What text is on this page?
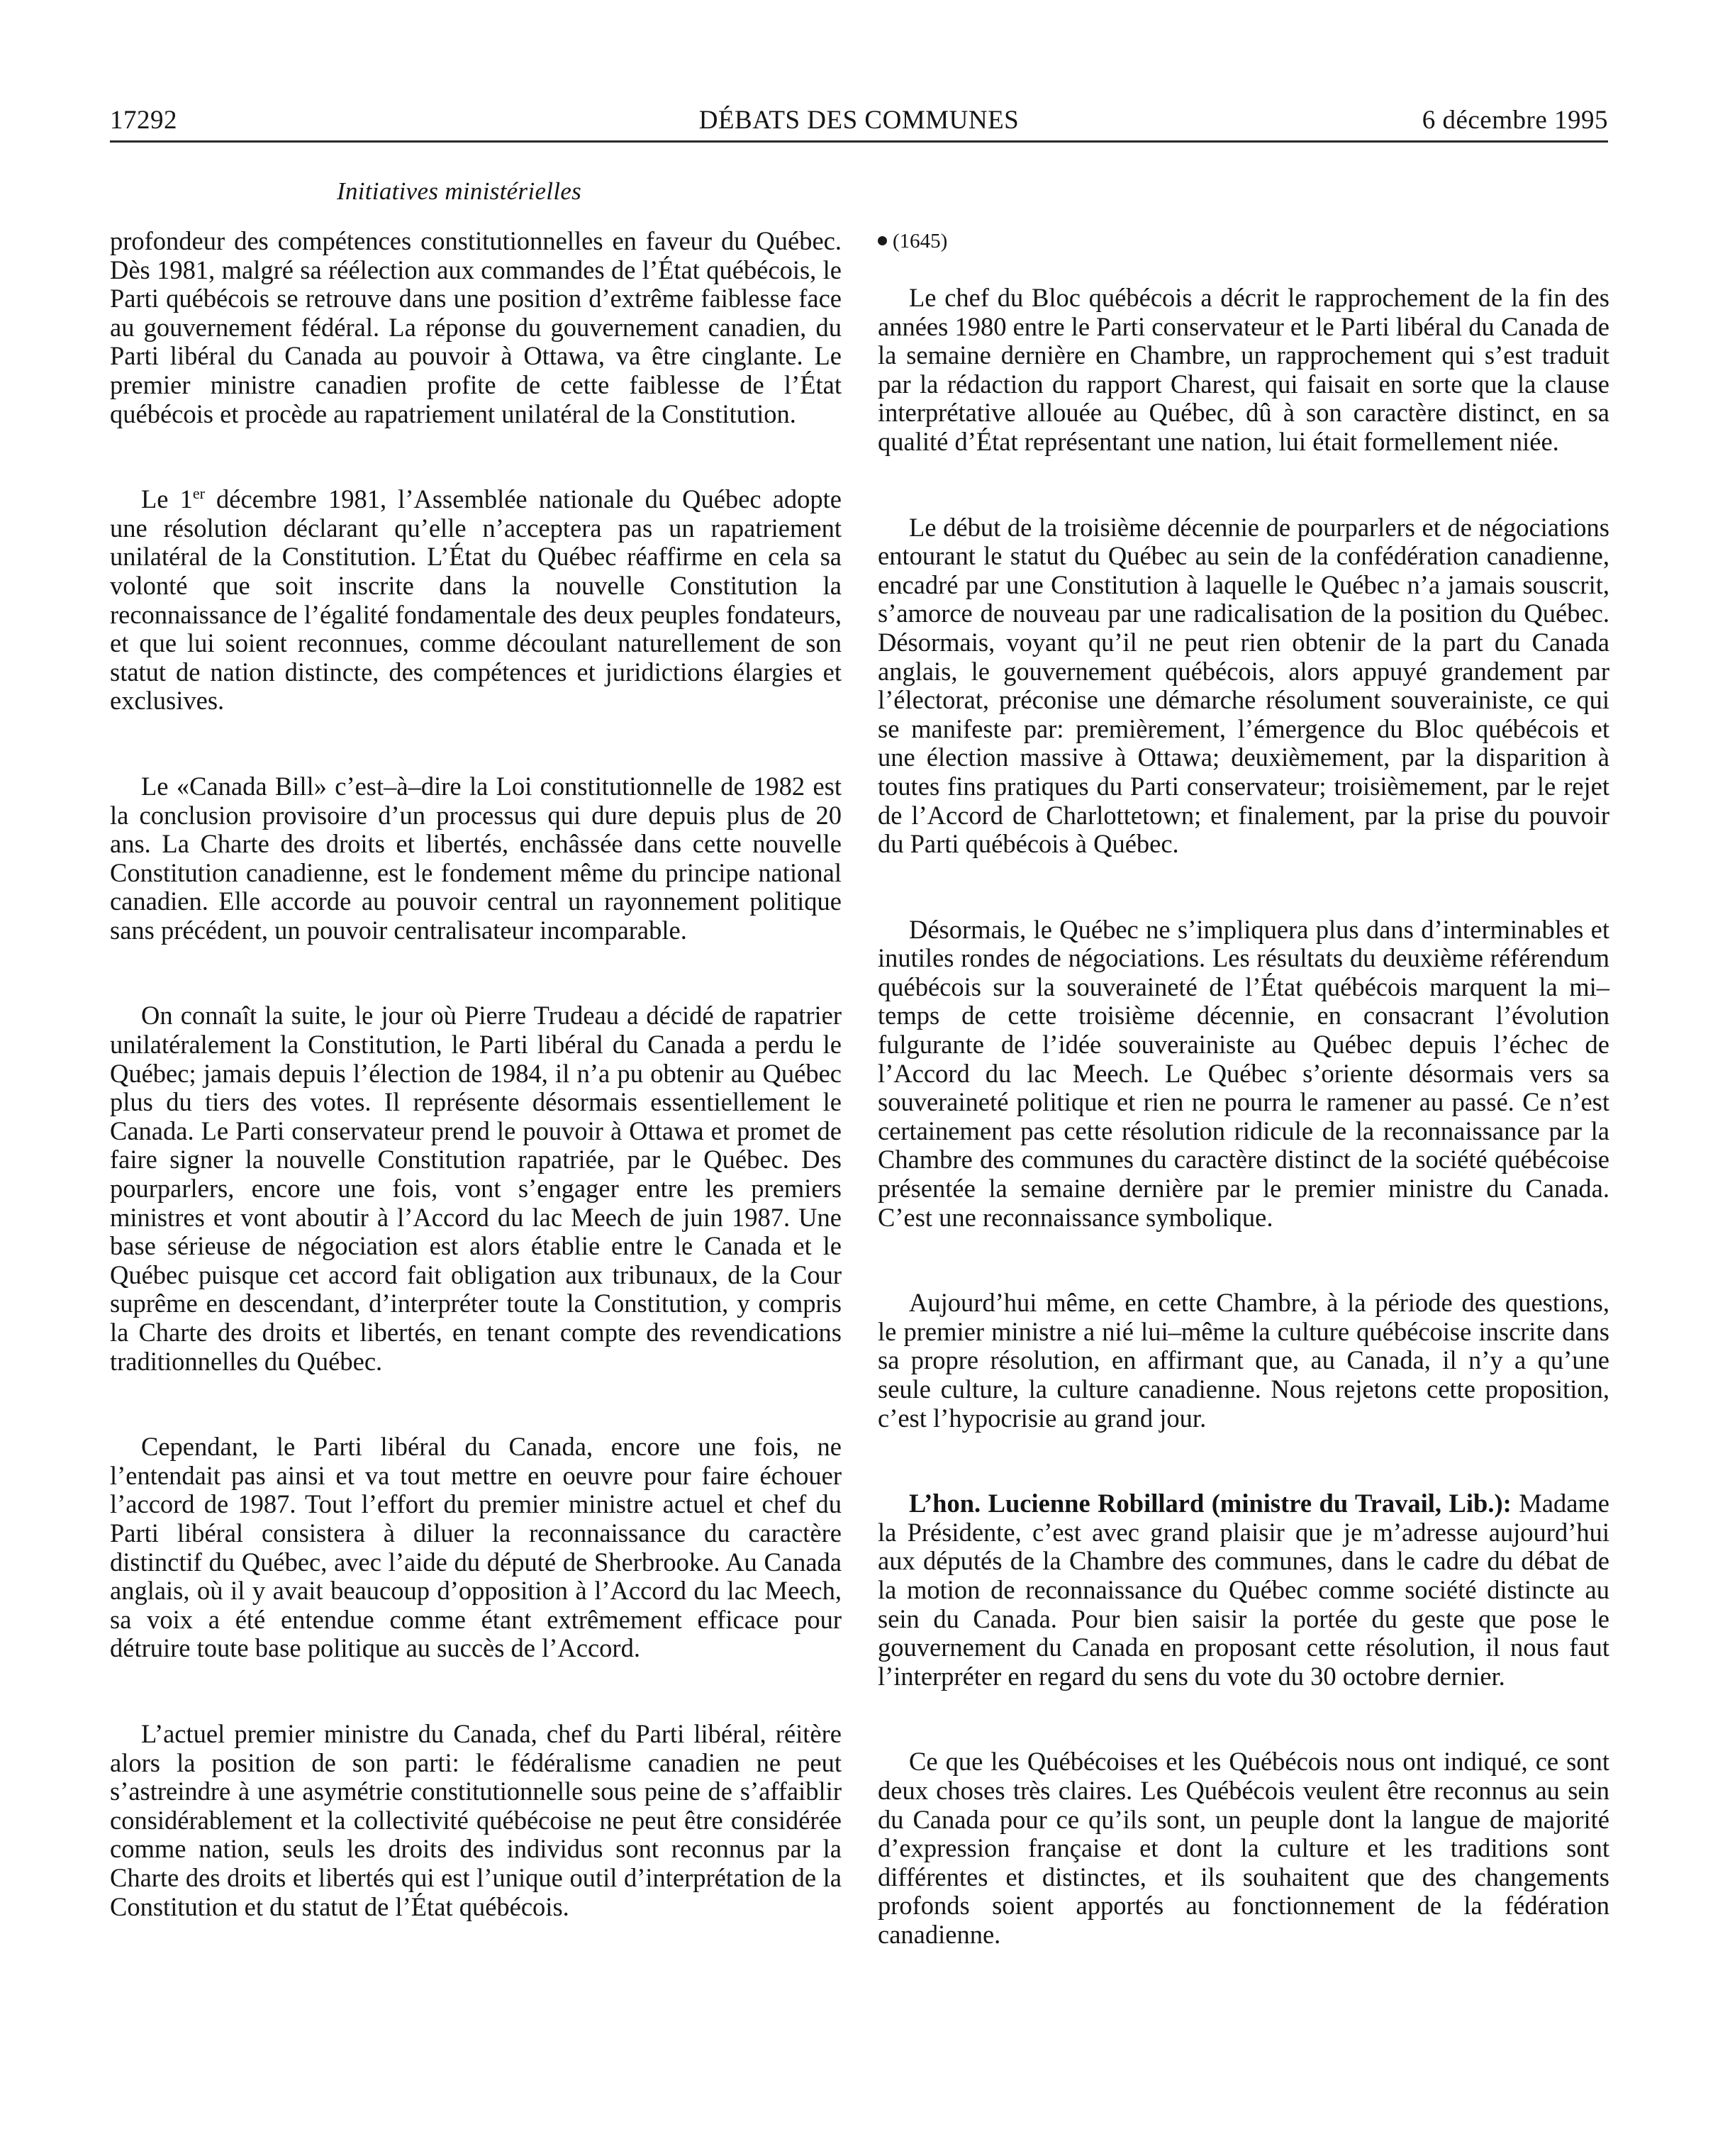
DÉBATS DES COMMUNES
17292	6 décembre 1995
Initiatives ministérielles

profondeur des compétences constitutionnelles en faveur du Québec. Dès 1981, malgré sa réélection aux commandes de l’État québécois, le Parti québécois se retrouve dans une position d’extrême faiblesse face au gouvernement fédéral. La réponse du gouvernement canadien, du Parti libéral du Canada au pouvoir à Ottawa, va être cinglante. Le premier ministre canadien profite de cette faiblesse de l’État québécois et procède au rapatriement unilatéral de la Constitution.

Le 1er décembre 1981, l’Assemblée nationale du Québec adopte une résolution déclarant qu’elle n’acceptera pas un rapatriement unilatéral de la Constitution. L’État du Québec réaffirme en cela sa volonté que soit inscrite dans la nouvelle Constitution la reconnaissance de l’égalité fondamentale des deux peuples fondateurs, et que lui soient reconnues, comme découlant naturellement de son statut de nation distincte, des compétences et juridictions élargies et exclusives.

Le «Canada Bill» c’est–à–dire la Loi constitutionnelle de 1982 est la conclusion provisoire d’un processus qui dure depuis plus de 20 ans. La Charte des droits et libertés, enchâssée dans cette nouvelle Constitution canadienne, est le fondement même du principe national canadien. Elle accorde au pouvoir central un rayonnement politique sans précédent, un pouvoir centralisateur incomparable.

On connaît la suite, le jour où Pierre Trudeau a décidé de rapatrier unilatéralement la Constitution, le Parti libéral du Canada a perdu le Québec; jamais depuis l’élection de 1984, il n’a pu obtenir au Québec plus du tiers des votes. Il représente désormais essentiellement le Canada. Le Parti conservateur prend le pouvoir à Ottawa et promet de faire signer la nouvelle Constitution rapatriée, par le Québec. Des pourparlers, encore une fois, vont s’engager entre les premiers ministres et vont aboutir à l’Accord du lac Meech de juin 1987. Une base sérieuse de négociation est alors établie entre le Canada et le Québec puisque cet accord fait obligation aux tribunaux, de la Cour suprême en descendant, d’interpréter toute la Constitution, y compris la Charte des droits et libertés, en tenant compte des revendications traditionnelles du Québec.

Cependant, le Parti libéral du Canada, encore une fois, ne l’entendait pas ainsi et va tout mettre en oeuvre pour faire échouer l’accord de 1987. Tout l’effort du premier ministre actuel et chef du Parti libéral consistera à diluer la reconnaissance du caractère distinctif du Québec, avec l’aide du député de Sherbrooke. Au Canada anglais, où il y avait beaucoup d’opposition à l’Accord du lac Meech, sa voix a été entendue comme étant extrêmement efficace pour détruire toute base politique au succès de l’Accord.

L’actuel premier ministre du Canada, chef du Parti libéral, réitère alors la position de son parti: le fédéralisme canadien ne peut s’astreindre à une asymétrie constitutionnelle sous peine de s’affaiblir considérablement et la collectivité québécoise ne peut être considérée comme nation, seuls les droits des individus sont reconnus par la Charte des droits et libertés qui est l’unique outil d’interprétation de la Constitution et du statut de l’État québécois.

(1645)

Le chef du Bloc québécois a décrit le rapprochement de la fin des années 1980 entre le Parti conservateur et le Parti libéral du Canada de la semaine dernière en Chambre, un rapprochement qui s’est traduit par la rédaction du rapport Charest, qui faisait en sorte que la clause interprétative allouée au Québec, dû à son caractère distinct, en sa qualité d’État représentant une nation, lui était formellement niée.

Le début de la troisième décennie de pourparlers et de négociations entourant le statut du Québec au sein de la confédération canadienne, encadré par une Constitution à laquelle le Québec n’a jamais souscrit, s’amorce de nouveau par une radicalisation de la position du Québec. Désormais, voyant qu’il ne peut rien obtenir de la part du Canada anglais, le gouvernement québécois, alors appuyé grandement par l’électorat, préconise une démarche résolument souverainiste, ce qui se manifeste par: premièrement, l’émergence du Bloc québécois et une élection massive à Ottawa; deuxièmement, par la disparition à toutes fins pratiques du Parti conservateur; troisièmement, par le rejet de l’Accord de Charlottetown; et finalement, par la prise du pouvoir du Parti québécois à Québec.

Désormais, le Québec ne s’impliquera plus dans d’interminables et inutiles rondes de négociations. Les résultats du deuxième référendum québécois sur la souveraineté de l’État québécois marquent la mi–temps de cette troisième décennie, en consacrant l’évolution fulgurante de l’idée souverainiste au Québec depuis l’échec de l’Accord du lac Meech. Le Québec s’oriente désormais vers sa souveraineté politique et rien ne pourra le ramener au passé. Ce n’est certainement pas cette résolution ridicule de la reconnaissance par la Chambre des communes du caractère distinct de la société québécoise présentée la semaine dernière par le premier ministre du Canada. C’est une reconnaissance symbolique.

Aujourd’hui même, en cette Chambre, à la période des questions, le premier ministre a nié lui–même la culture québécoise inscrite dans sa propre résolution, en affirmant que, au Canada, il n’y a qu’une seule culture, la culture canadienne. Nous rejetons cette proposition, c’est l’hypocrisie au grand jour.

L’hon. Lucienne Robillard (ministre du Travail, Lib.): Madame la Présidente, c’est avec grand plaisir que je m’adresse aujourd’hui aux députés de la Chambre des communes, dans le cadre du débat de la motion de reconnaissance du Québec comme société distincte au sein du Canada. Pour bien saisir la portée du geste que pose le gouvernement du Canada en proposant cette résolution, il nous faut l’interpréter en regard du sens du vote du 30 octobre dernier.

Ce que les Québécoises et les Québécois nous ont indiqué, ce sont deux choses très claires. Les Québécois veulent être reconnus au sein du Canada pour ce qu’ils sont, un peuple dont la langue de majorité d’expression française et dont la culture et les traditions sont différentes et distinctes, et ils souhaitent que des changements profonds soient apportés au fonctionnement de la fédération canadienne.
